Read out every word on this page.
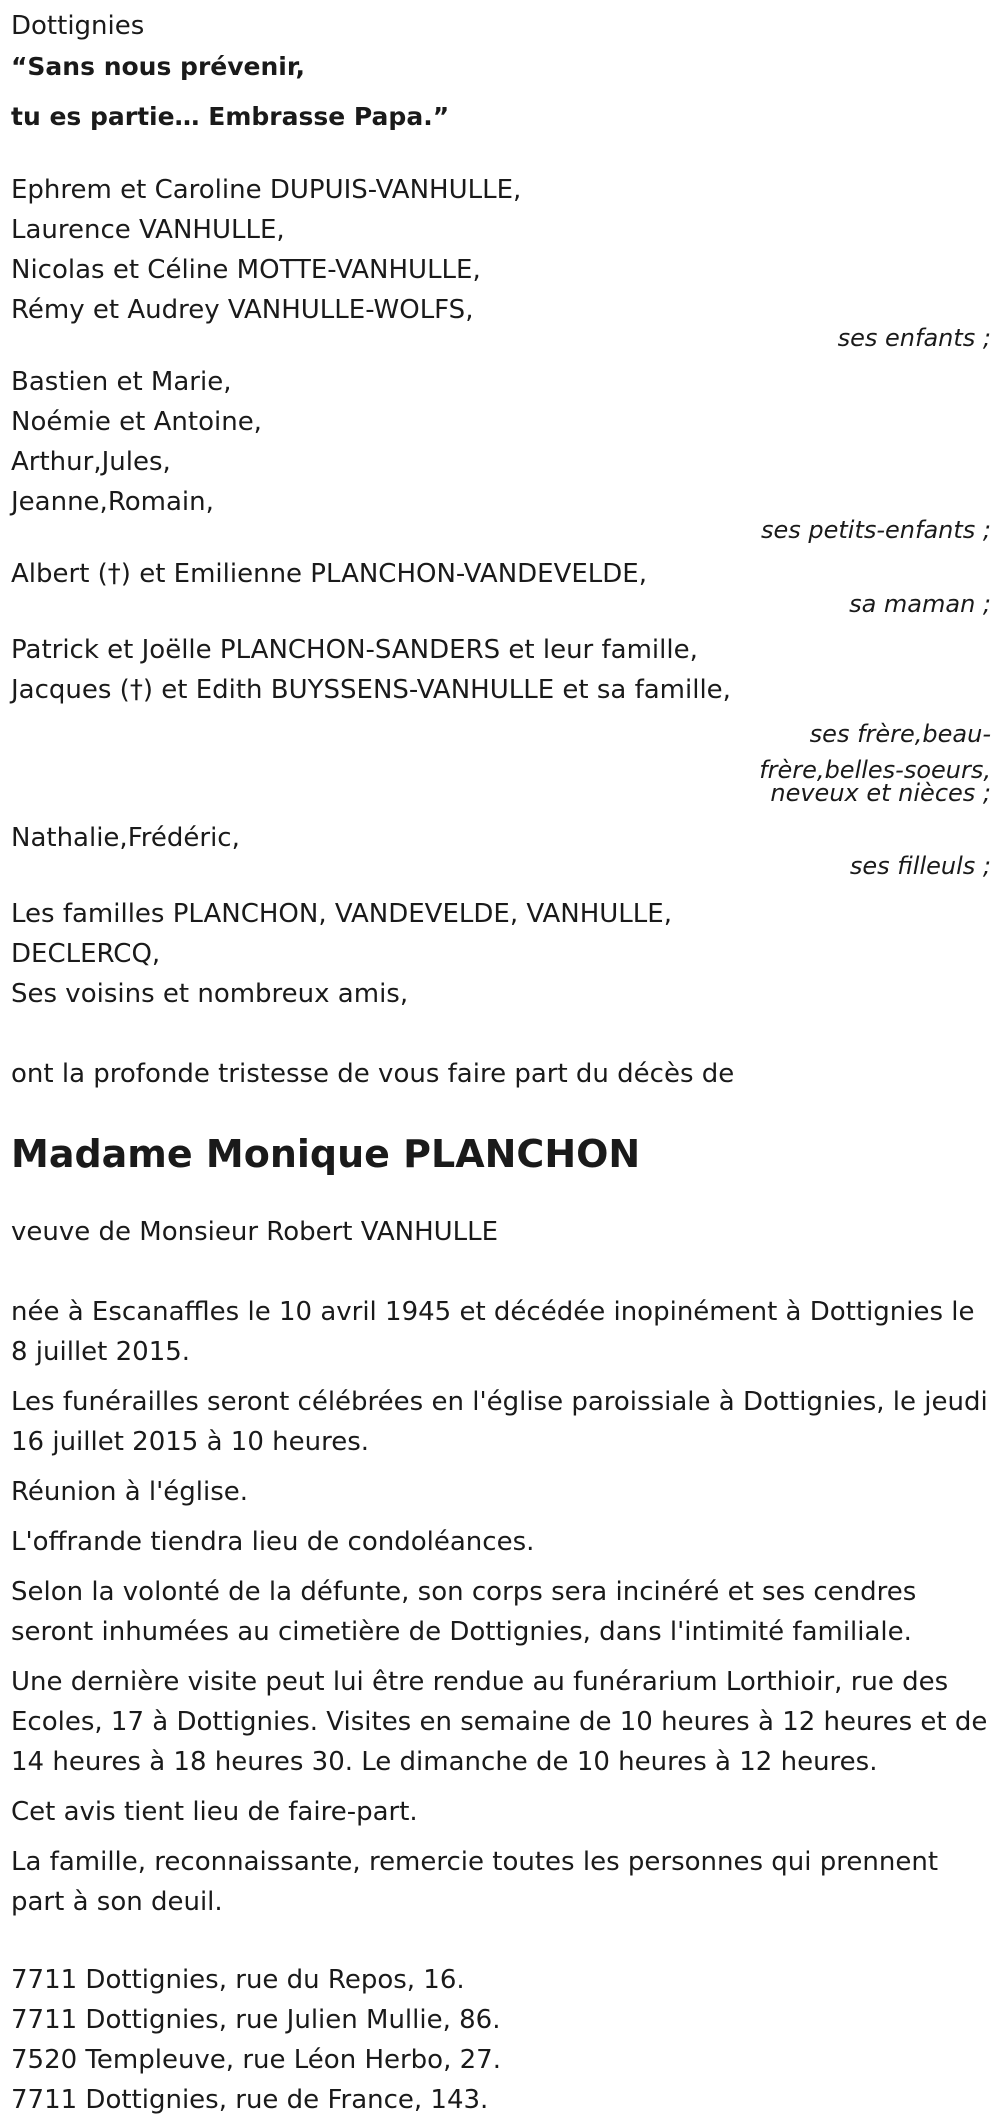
Dottignies

“Sans nous prévenir,

tu es partie… Embrasse Papa.”

Ephrem et Caroline DUPUIS-VANHULLE,

Laurence VANHULLE,

Nicolas et Céline MOTTE-VANHULLE,

Rémy et Audrey VANHULLE-WOLFS,

ses enfants ;

Bastien et Marie,

Noémie et Antoine,

Arthur,Jules,

Jeanne,Romain,

ses petits-enfants ;

Albert (†) et Emilienne PLANCHON-VANDEVELDE,

sa maman ;

Patrick et Joëlle PLANCHON-SANDERS et leur famille,

Jacques (†) et Edith BUYSSENS-VANHULLE et sa famille,

ses frère,beau-

frère,belles-soeurs,

neveux et nièces ;

Nathalie,Frédéric,

ses filleuls ;

Les familles PLANCHON, VANDEVELDE, VANHULLE,

DECLERCQ,

Ses voisins et nombreux amis,

ont la profonde tristesse de vous faire part du décès de

Madame Monique PLANCHON

veuve de Monsieur Robert VANHULLE

née à Escanaffles le 10 avril 1945 et décédée inopinément à Dottignies le 8 juillet 2015.

Les funérailles seront célébrées en l'église paroissiale à Dottignies, le jeudi 16 juillet 2015 à 10 heures.

Réunion à l'église.

L'offrande tiendra lieu de condoléances.

Selon la volonté de la défunte, son corps sera incinéré et ses cendres seront inhumées au cimetière de Dottignies, dans l'intimité familiale.

Une dernière visite peut lui être rendue au funérarium Lorthioir, rue des Ecoles, 17 à Dottignies. Visites en semaine de 10 heures à 12 heures et de 14 heures à 18 heures 30. Le dimanche de 10 heures à 12 heures.

Cet avis tient lieu de faire-part.

La famille, reconnaissante, remercie toutes les personnes qui prennent part à son deuil.

7711 Dottignies, rue du Repos, 16.

7711 Dottignies, rue Julien Mullie, 86.

7520 Templeuve, rue Léon Herbo, 27.

7711 Dottignies, rue de France, 143.
